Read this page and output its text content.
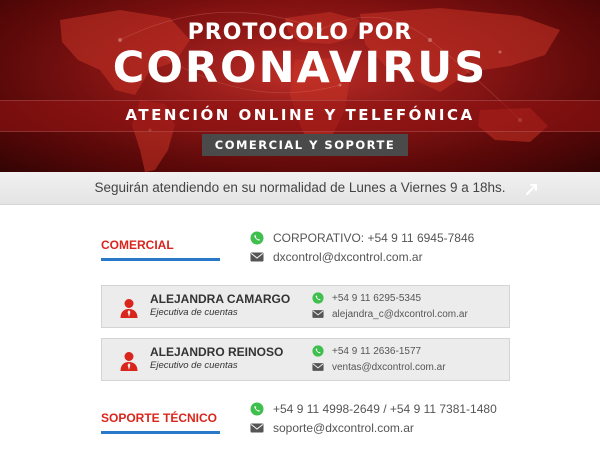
PROTOCOLO POR
CORONAVIRUS
ATENCIÓN ONLINE Y TELEFÓNICA
COMERCIAL Y SOPORTE
Seguirán atendiendo en su normalidad de Lunes a Viernes 9 a 18hs.
COMERCIAL	CORPORATIVO: +54 9 11 6945-7846
dxcontrol@dxcontrol.com.ar
ALEJANDRA CAMARGO
Ejecutiva de cuentas
+54 9 11 6295-5345
alejandra_c@dxcontrol.com.ar
ALEJANDRO REINOSO
Ejecutivo de cuentas
+54 9 11 2636-1577
ventas@dxcontrol.com.ar
SOPORTE TÉCNICO
+54 9 11 4998-2649 / +54 9 11 7381-1480
soporte@dxcontrol.com.ar
